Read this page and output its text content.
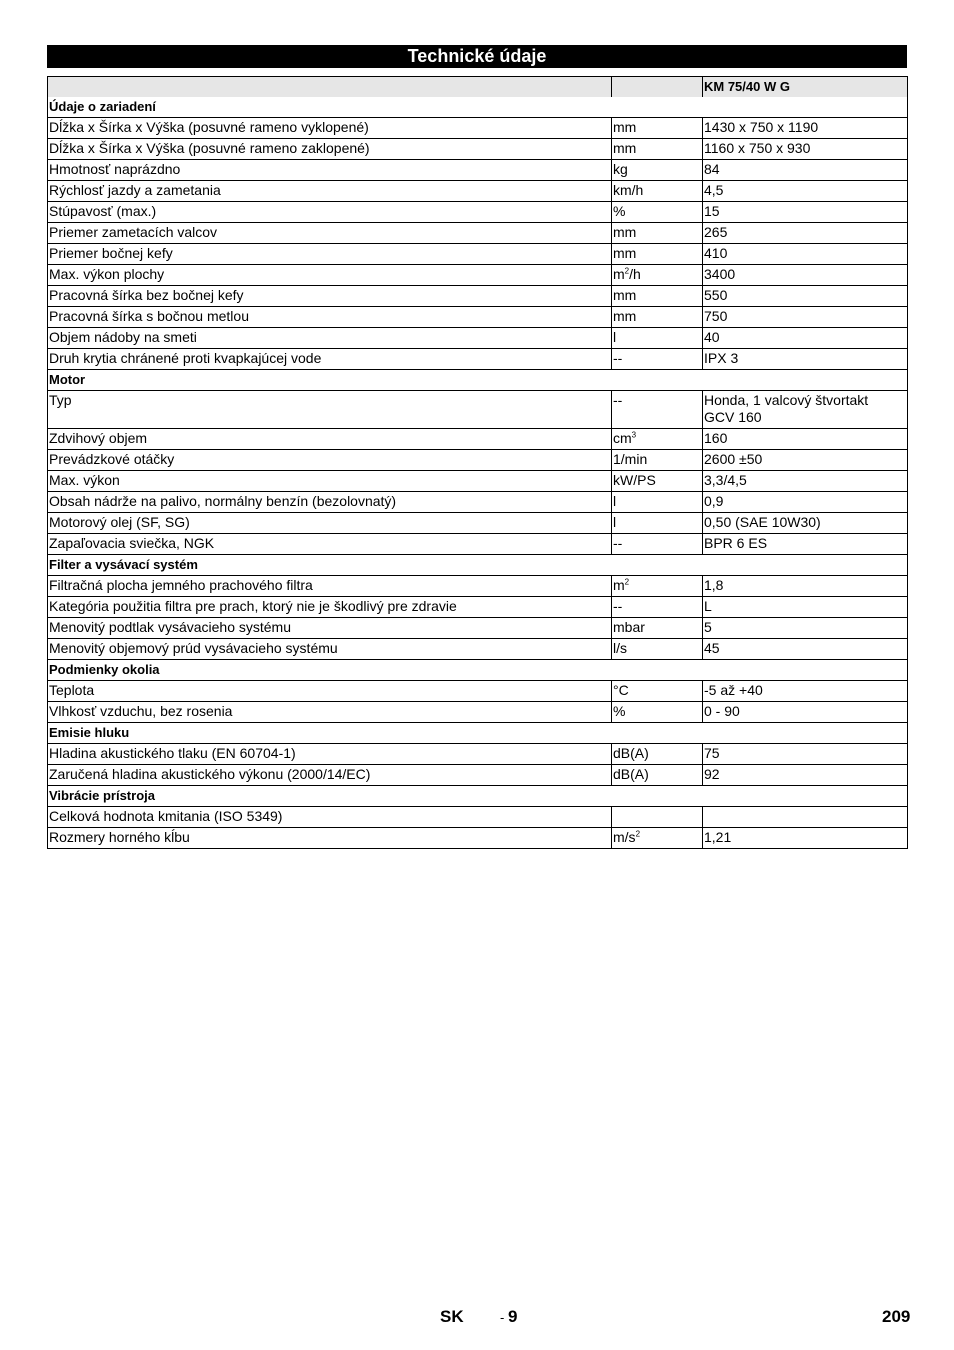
Technické údaje
		KM 75/40 W G
Údaje o zariadení		
Dĺžka x Šírka x Výška (posuvné rameno vyklopené)	mm	1430 x 750 x 1190

Dĺžka x Šírka x Výška (posuvné rameno zaklopené)	mm	1160 x 750 x 930

Hmotnosť naprázdno	kg	84

Rýchlosť jazdy a zametania	km/h	4,5

Stúpavosť (max.)	%	15

Priemer zametacích valcov	mm	265

Priemer bočnej kefy	mm	410

Max. výkon plochy	$m^2/h$	3400

Pracovná šírka bez bočnej kefy	mm	550

Pracovná šírka s bočnou metlou	mm	750

Objem nádoby na smeti	l	40

Druh krytia chránené proti kvapkajúcej vode	--	IPX 3

Motor		
Typ	--	Honda, 1 valcový štvortakt
GCV 160

Zdvihový objem	$cm^3$	160

Prevádzkové otáčky	1/min	2600 ±50

Max. výkon	kW/PS	3,3/4,5

Obsah nádrže na palivo, normálny benzín (bezolovnatý)	l	0,9

Motorový olej (SF, SG)	l	0,50 (SAE 10W30)

Zapaľovacia sviečka, NGK	--	BPR 6 ES

Filter a vysávací systém		
Filtračná plocha jemného prachového filtra	$m^2$	1,8

Kategória použitia filtra pre prach, ktorý nie je škodlivý pre zdravie	--	L

Menovitý podtlak vysávacieho systému	mbar	5

Menovitý objemový prúd vysávacieho systému	l/s	45

Podmienky okolia		
Teplota	°C	-5 až +40

Vlhkosť vzduchu, bez rosenia	%	0 - 90

Emisie hluku		
Hladina akustického tlaku (EN 60704-1)	dB(A)	75

Zaručená hladina akustického výkonu (2000/14/EC)	dB(A)	92

Vibrácie prístroja		
Celková hodnota kmitania (ISO 5349)		

Rozmery horného kĺbu	$m/s^2$	1,21
SK	- 9	209
